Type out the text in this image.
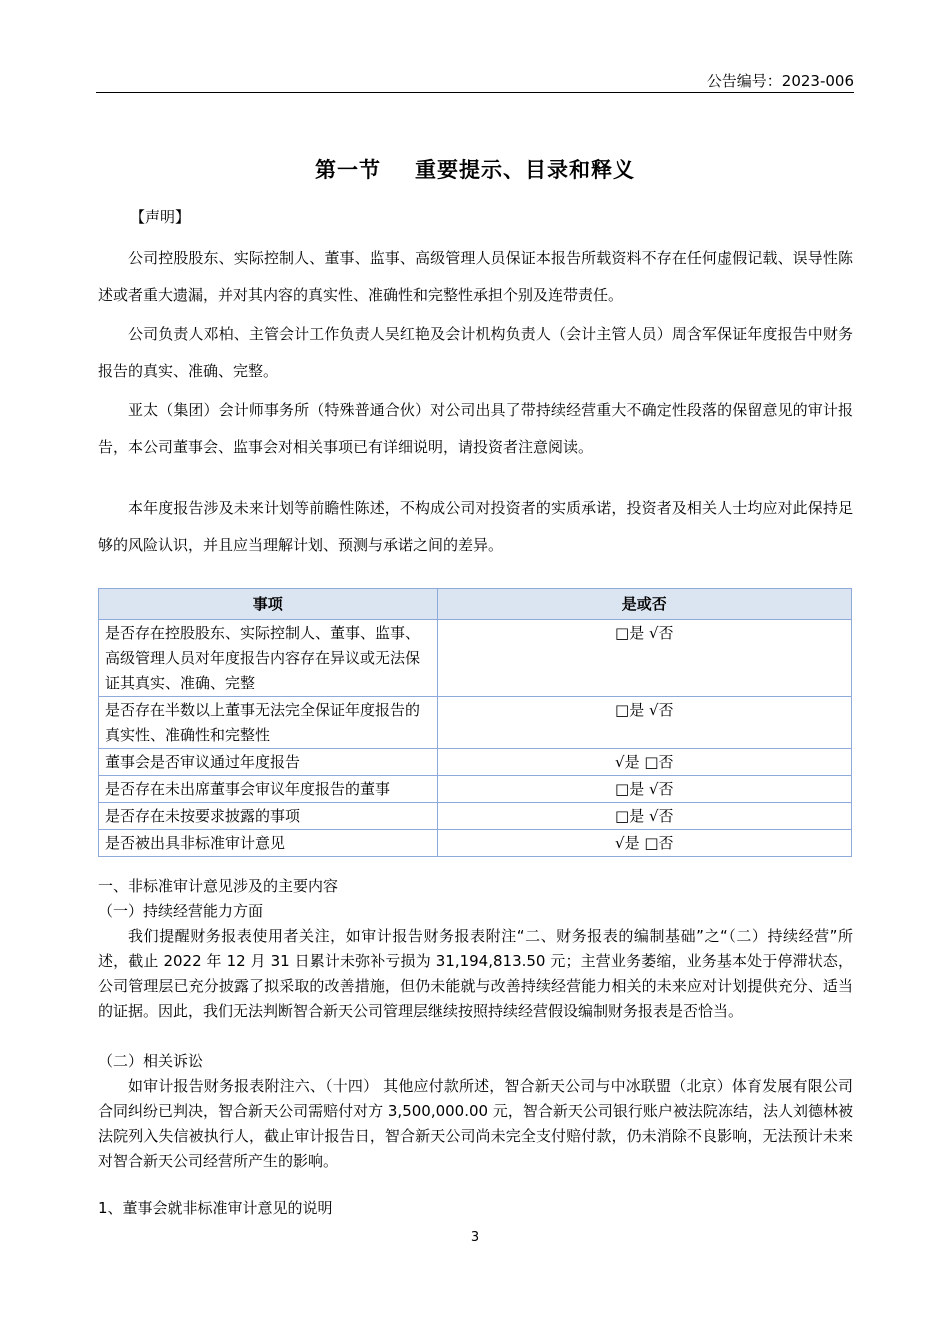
公告编号：2023-006
第一节 重要提示、目录和释义
【声明】

公司控股股东、实际控制人、董事、监事、高级管理人员保证本报告所载资料不存在任何虚假记载、误导性陈述或者重大遗漏，并对其内容的真实性、准确性和完整性承担个别及连带责任。

公司负责人邓柏、主管会计工作负责人吴红艳及会计机构负责人（会计主管人员）周含军保证年度报告中财务报告的真实、准确、完整。

亚太（集团）会计师事务所（特殊普通合伙）对公司出具了带持续经营重大不确定性段落的保留意见的审计报告，本公司董事会、监事会对相关事项已有详细说明，请投资者注意阅读。

本年度报告涉及未来计划等前瞻性陈述，不构成公司对投资者的实质承诺，投资者及相关人士均应对此保持足够的风险认识，并且应当理解计划、预测与承诺之间的差异。

事项	是或否
是否存在控股股东、实际控制人、董事、监事、高级管理人员对年度报告内容存在异议或无法保证其真实、准确、完整	□是 √否
是否存在半数以上董事无法完全保证年度报告的真实性、准确性和完整性	□是 √否
董事会是否审议通过年度报告	√是 □否
是否存在未出席董事会审议年度报告的董事	□是 √否
是否存在未按要求披露的事项	□是 √否
是否被出具非标准审计意见	√是 □否

一、非标准审计意见涉及的主要内容

（一）持续经营能力方面

我们提醒财务报表使用者关注，如审计报告财务报表附注“二、财务报表的编制基础”之“（二）持续经营”所述，截止 2022 年 12 月 31 日累计未弥补亏损为 31,194,813.50 元；主营业务萎缩，业务基本处于停滞状态，公司管理层已充分披露了拟采取的改善措施，但仍未能就与改善持续经营能力相关的未来应对计划提供充分、适当的证据。因此，我们无法判断智合新天公司管理层继续按照持续经营假设编制财务报表是否恰当。

（二）相关诉讼

如审计报告财务报表附注六、（十四） 其他应付款所述，智合新天公司与中冰联盟（北京）体育发展有限公司合同纠纷已判决，智合新天公司需赔付对方 3,500,000.00 元，智合新天公司银行账户被法院冻结，法人刘德林被法院列入失信被执行人，截止审计报告日，智合新天公司尚未完全支付赔付款，仍未消除不良影响，无法预计未来对智合新天公司经营所产生的影响。

1、董事会就非标准审计意见的说明

3
